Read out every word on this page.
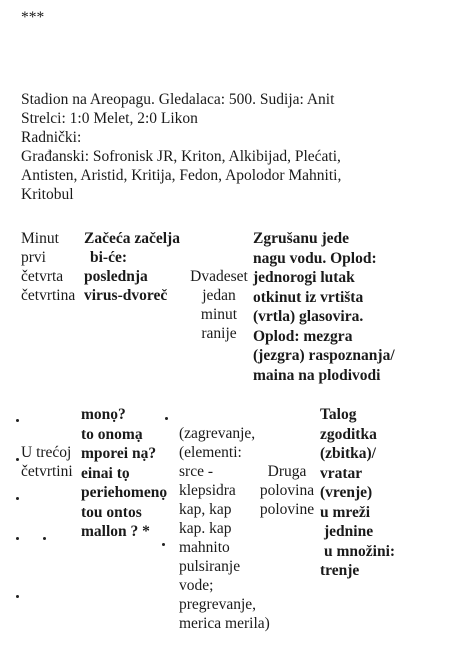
***
Stadion na Areopagu. Gledalaca: 500. Sudija: Anit
Strelci: 1:0 Melet, 2:0 Likon
Radnički:
Građanski: Sofronisk JR, Kriton, Alkibijad, Plećati,
Antisten, Aristid, Kritija, Fedon, Apolodor Mahniti,
Kritobul
Minut
prvi
četvrta
četvrtina
Začeća začelja
bi-će:
poslednja
virus-dvoreč
Dvadeset
jedan
minut
ranije
Zgrušanu jede
nagu vodu. Oplod:
jednorogi lutak
otkinut iz vrtišta
(vrtla) glasovira.
Oplod: mezgra
(jezgra) raspoznanja/
maina na plodivodi
U trećoj
četvrtini
monọ?
to onomạ
mporei nạ?
einai tọ
periehomenọ
tou ontos
mallon ? *
(zagrevanje,
(elementi:
srce -
klepsidra
kap, kap
kap. kap
mahnito
pulsiranje
vode;
pregrevanje,
merica merila)
Druga
polovina
polovine
Talog
zgoditka
(zbitka)/
vratar
(vrenje)
u mreži
jednine
u množini:
trenje
